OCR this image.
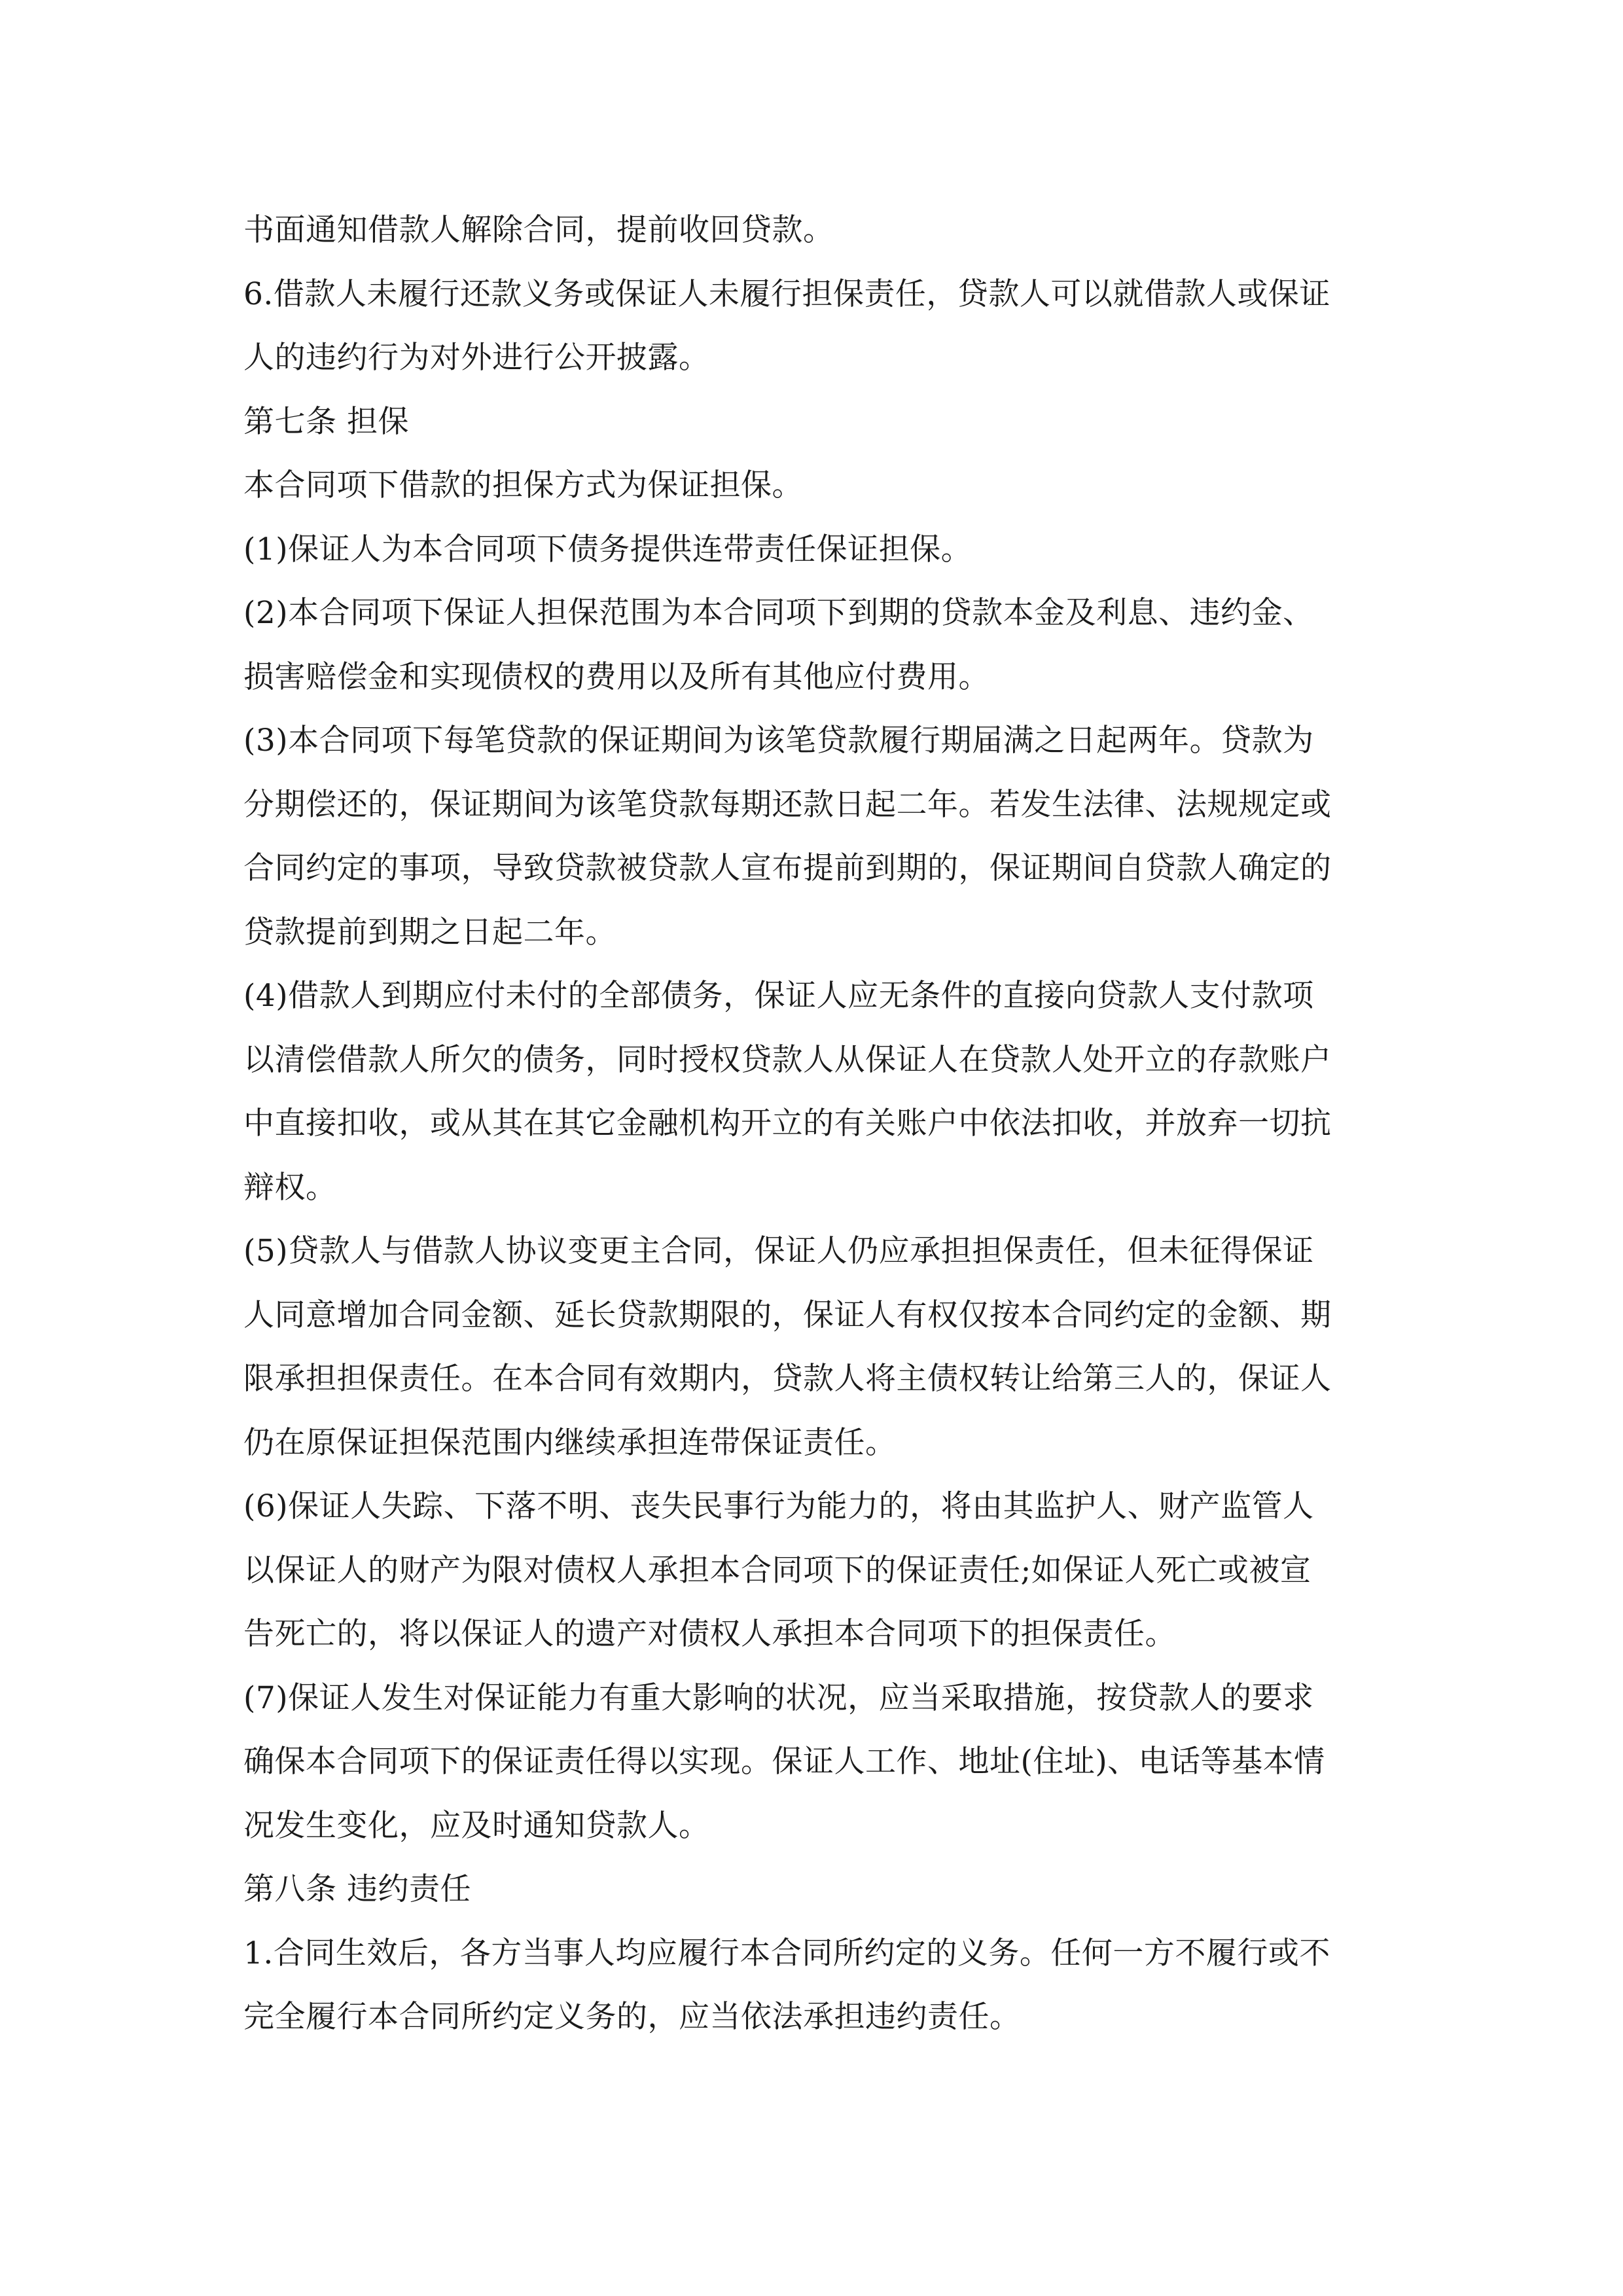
书面通知借款人解除合同，提前收回贷款。
6.借款人未履行还款义务或保证人未履行担保责任，贷款人可以就借款人或保证
人的违约行为对外进行公开披露。
第七条 担保
本合同项下借款的担保方式为保证担保。
(1)保证人为本合同项下债务提供连带责任保证担保。
(2)本合同项下保证人担保范围为本合同项下到期的贷款本金及利息、违约金、
损害赔偿金和实现债权的费用以及所有其他应付费用。
(3)本合同项下每笔贷款的保证期间为该笔贷款履行期届满之日起两年。贷款为
分期偿还的，保证期间为该笔贷款每期还款日起二年。若发生法律、法规规定或
合同约定的事项，导致贷款被贷款人宣布提前到期的，保证期间自贷款人确定的
贷款提前到期之日起二年。
(4)借款人到期应付未付的全部债务，保证人应无条件的直接向贷款人支付款项
以清偿借款人所欠的债务，同时授权贷款人从保证人在贷款人处开立的存款账户
中直接扣收，或从其在其它金融机构开立的有关账户中依法扣收，并放弃一切抗
辩权。
(5)贷款人与借款人协议变更主合同，保证人仍应承担担保责任，但未征得保证
人同意增加合同金额、延长贷款期限的，保证人有权仅按本合同约定的金额、期
限承担担保责任。在本合同有效期内，贷款人将主债权转让给第三人的，保证人
仍在原保证担保范围内继续承担连带保证责任。
(6)保证人失踪、下落不明、丧失民事行为能力的，将由其监护人、财产监管人
以保证人的财产为限对债权人承担本合同项下的保证责任;如保证人死亡或被宣
告死亡的，将以保证人的遗产对债权人承担本合同项下的担保责任。
(7)保证人发生对保证能力有重大影响的状况，应当采取措施，按贷款人的要求
确保本合同项下的保证责任得以实现。保证人工作、地址(住址)、电话等基本情
况发生变化，应及时通知贷款人。
第八条 违约责任
1.合同生效后，各方当事人均应履行本合同所约定的义务。任何一方不履行或不
完全履行本合同所约定义务的，应当依法承担违约责任。
